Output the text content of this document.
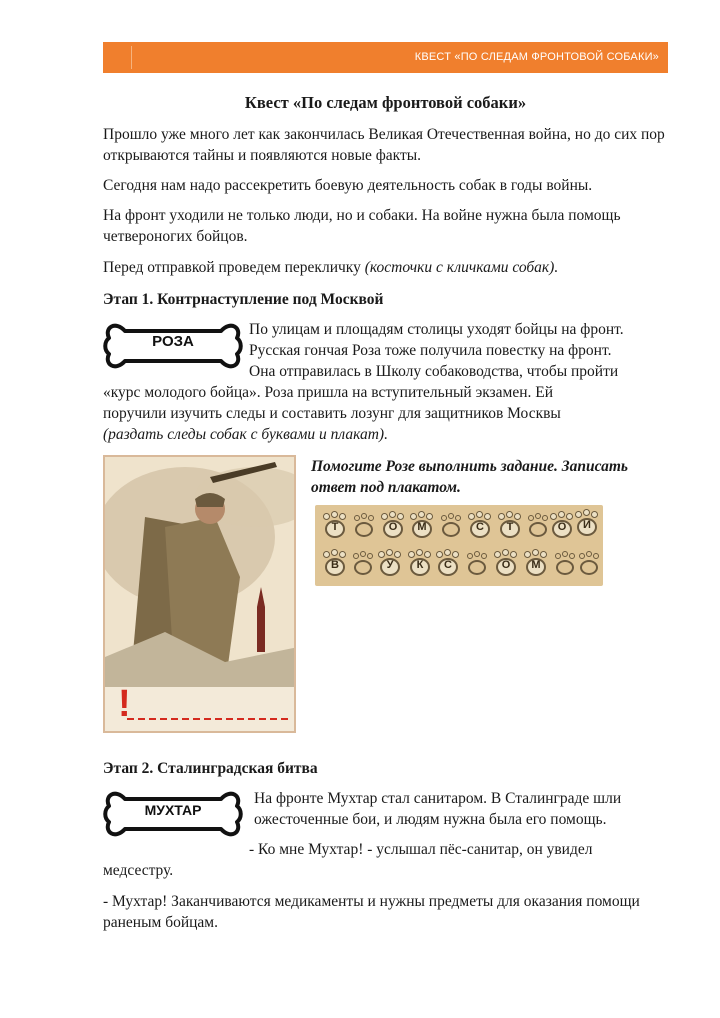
КВЕСТ «ПО СЛЕДАМ ФРОНТОВОЙ СОБАКИ»

Квест «По следам фронтовой собаки»

Прошло уже много лет как закончилась Великая Отечественная война, но до сих пор открываются тайны и появляются новые факты.

Сегодня нам надо рассекретить боевую деятельность собак в годы войны.

На фронт уходили не только люди, но и собаки. На войне нужна была помощь четвероногих бойцов.

Перед отправкой проведем перекличку (косточки с кличками собак).

Этап 1. Контрнаступление под Москвой

РОЗА

По улицам и площадям столицы уходят бойцы на фронт.

Русская гончая Роза тоже получила повестку на фронт.

Она отправилась в Школу собаководства, чтобы пройти

«курс молодого бойца». Роза пришла на вступительный экзамен. Ей

поручили изучить следы и составить лозунг для защитников Москвы

(раздать следы собак с буквами и плакат).

!

Помогите Розе выполнить задание. Записать

ответ под плакатом.

Т	О	М	С	Т	О	И
В	У	К	С	О	М

Этап 2. Сталинградская битва

МУХТАР

На фронте Мухтар стал санитаром. В Сталинграде шли

ожесточенные бои, и людям нужна была его помощь.

- Ко мне Мухтар! - услышал пёс-санитар, он увидел

медсестру.

- Мухтар! Заканчиваются медикаменты и нужны предметы для оказания помощи раненым бойцам.
